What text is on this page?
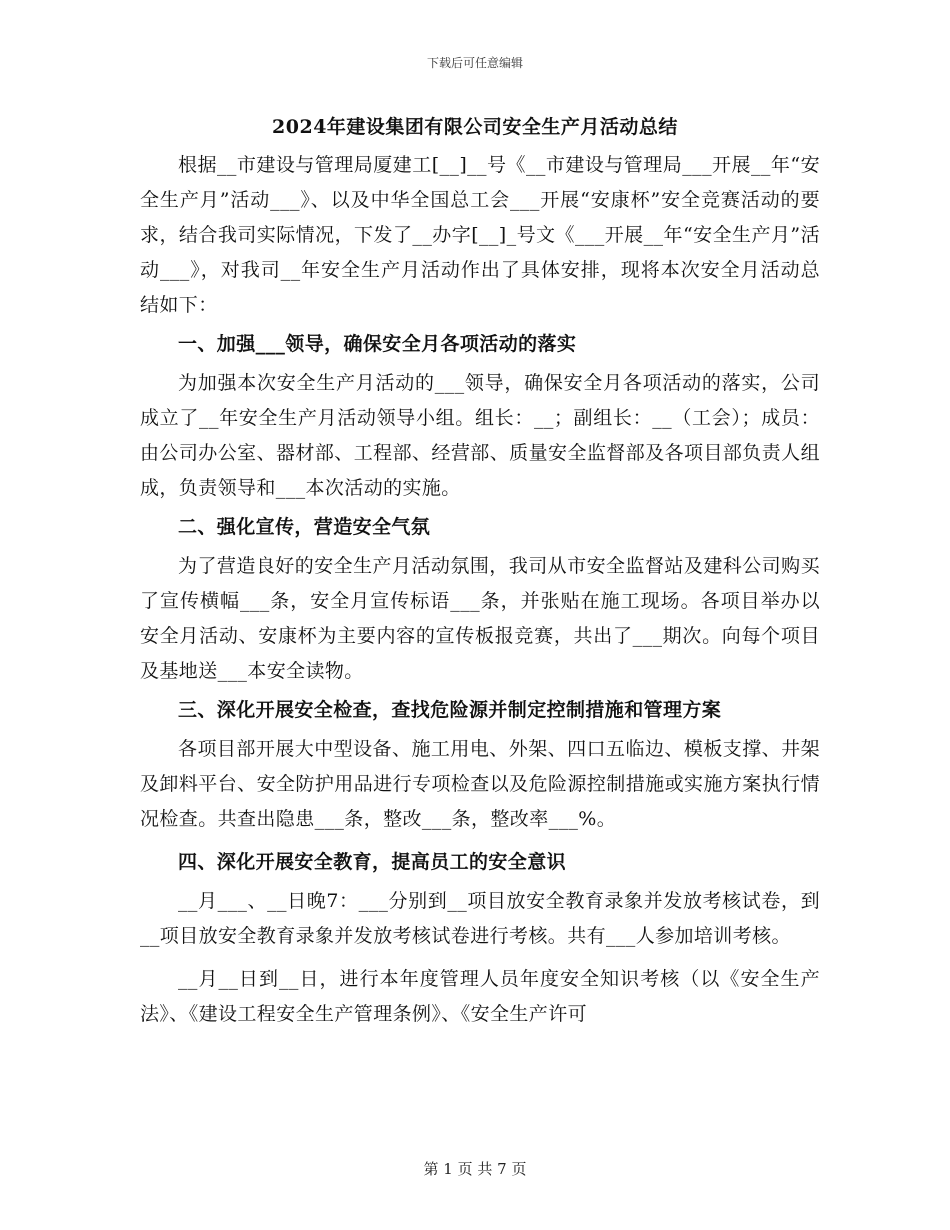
下载后可任意编辑
2024年建设集团有限公司安全生产月活动总结

根据__市建设与管理局厦建工[__]__号《__市建设与管理局___开展__年“安全生产月”活动___》、以及中华全国总工会___开展“安康杯”安全竞赛活动的要求，结合我司实际情况，下发了__办字[__]_号文《___开展__年“安全生产月”活动___》，对我司__年安全生产月活动作出了具体安排，现将本次安全月活动总结如下：

一、加强___领导，确保安全月各项活动的落实

为加强本次安全生产月活动的___领导，确保安全月各项活动的落实，公司成立了__年安全生产月活动领导小组。组长：__；副组长：__（工会）；成员：由公司办公室、器材部、工程部、经营部、质量安全监督部及各项目部负责人组成，负责领导和___本次活动的实施。

二、强化宣传，营造安全气氛

为了营造良好的安全生产月活动氛围，我司从市安全监督站及建科公司购买了宣传横幅___条，安全月宣传标语___条，并张贴在施工现场。各项目举办以安全月活动、安康杯为主要内容的宣传板报竞赛，共出了___期次。向每个项目及基地送___本安全读物。

三、深化开展安全检查，查找危险源并制定控制措施和管理方案

各项目部开展大中型设备、施工用电、外架、四口五临边、模板支撑、井架及卸料平台、安全防护用品进行专项检查以及危险源控制措施或实施方案执行情况检查。共查出隐患___条，整改___条，整改率___%。

四、深化开展安全教育，提高员工的安全意识

__月___、__日晚7：___分别到__项目放安全教育录象并发放考核试卷，到__项目放安全教育录象并发放考核试卷进行考核。共有___人参加培训考核。

__月__日到__日，进行本年度管理人员年度安全知识考核（以《安全生产法》、《建设工程安全生产管理条例》、《安全生产许可

第 1 页 共 7 页
